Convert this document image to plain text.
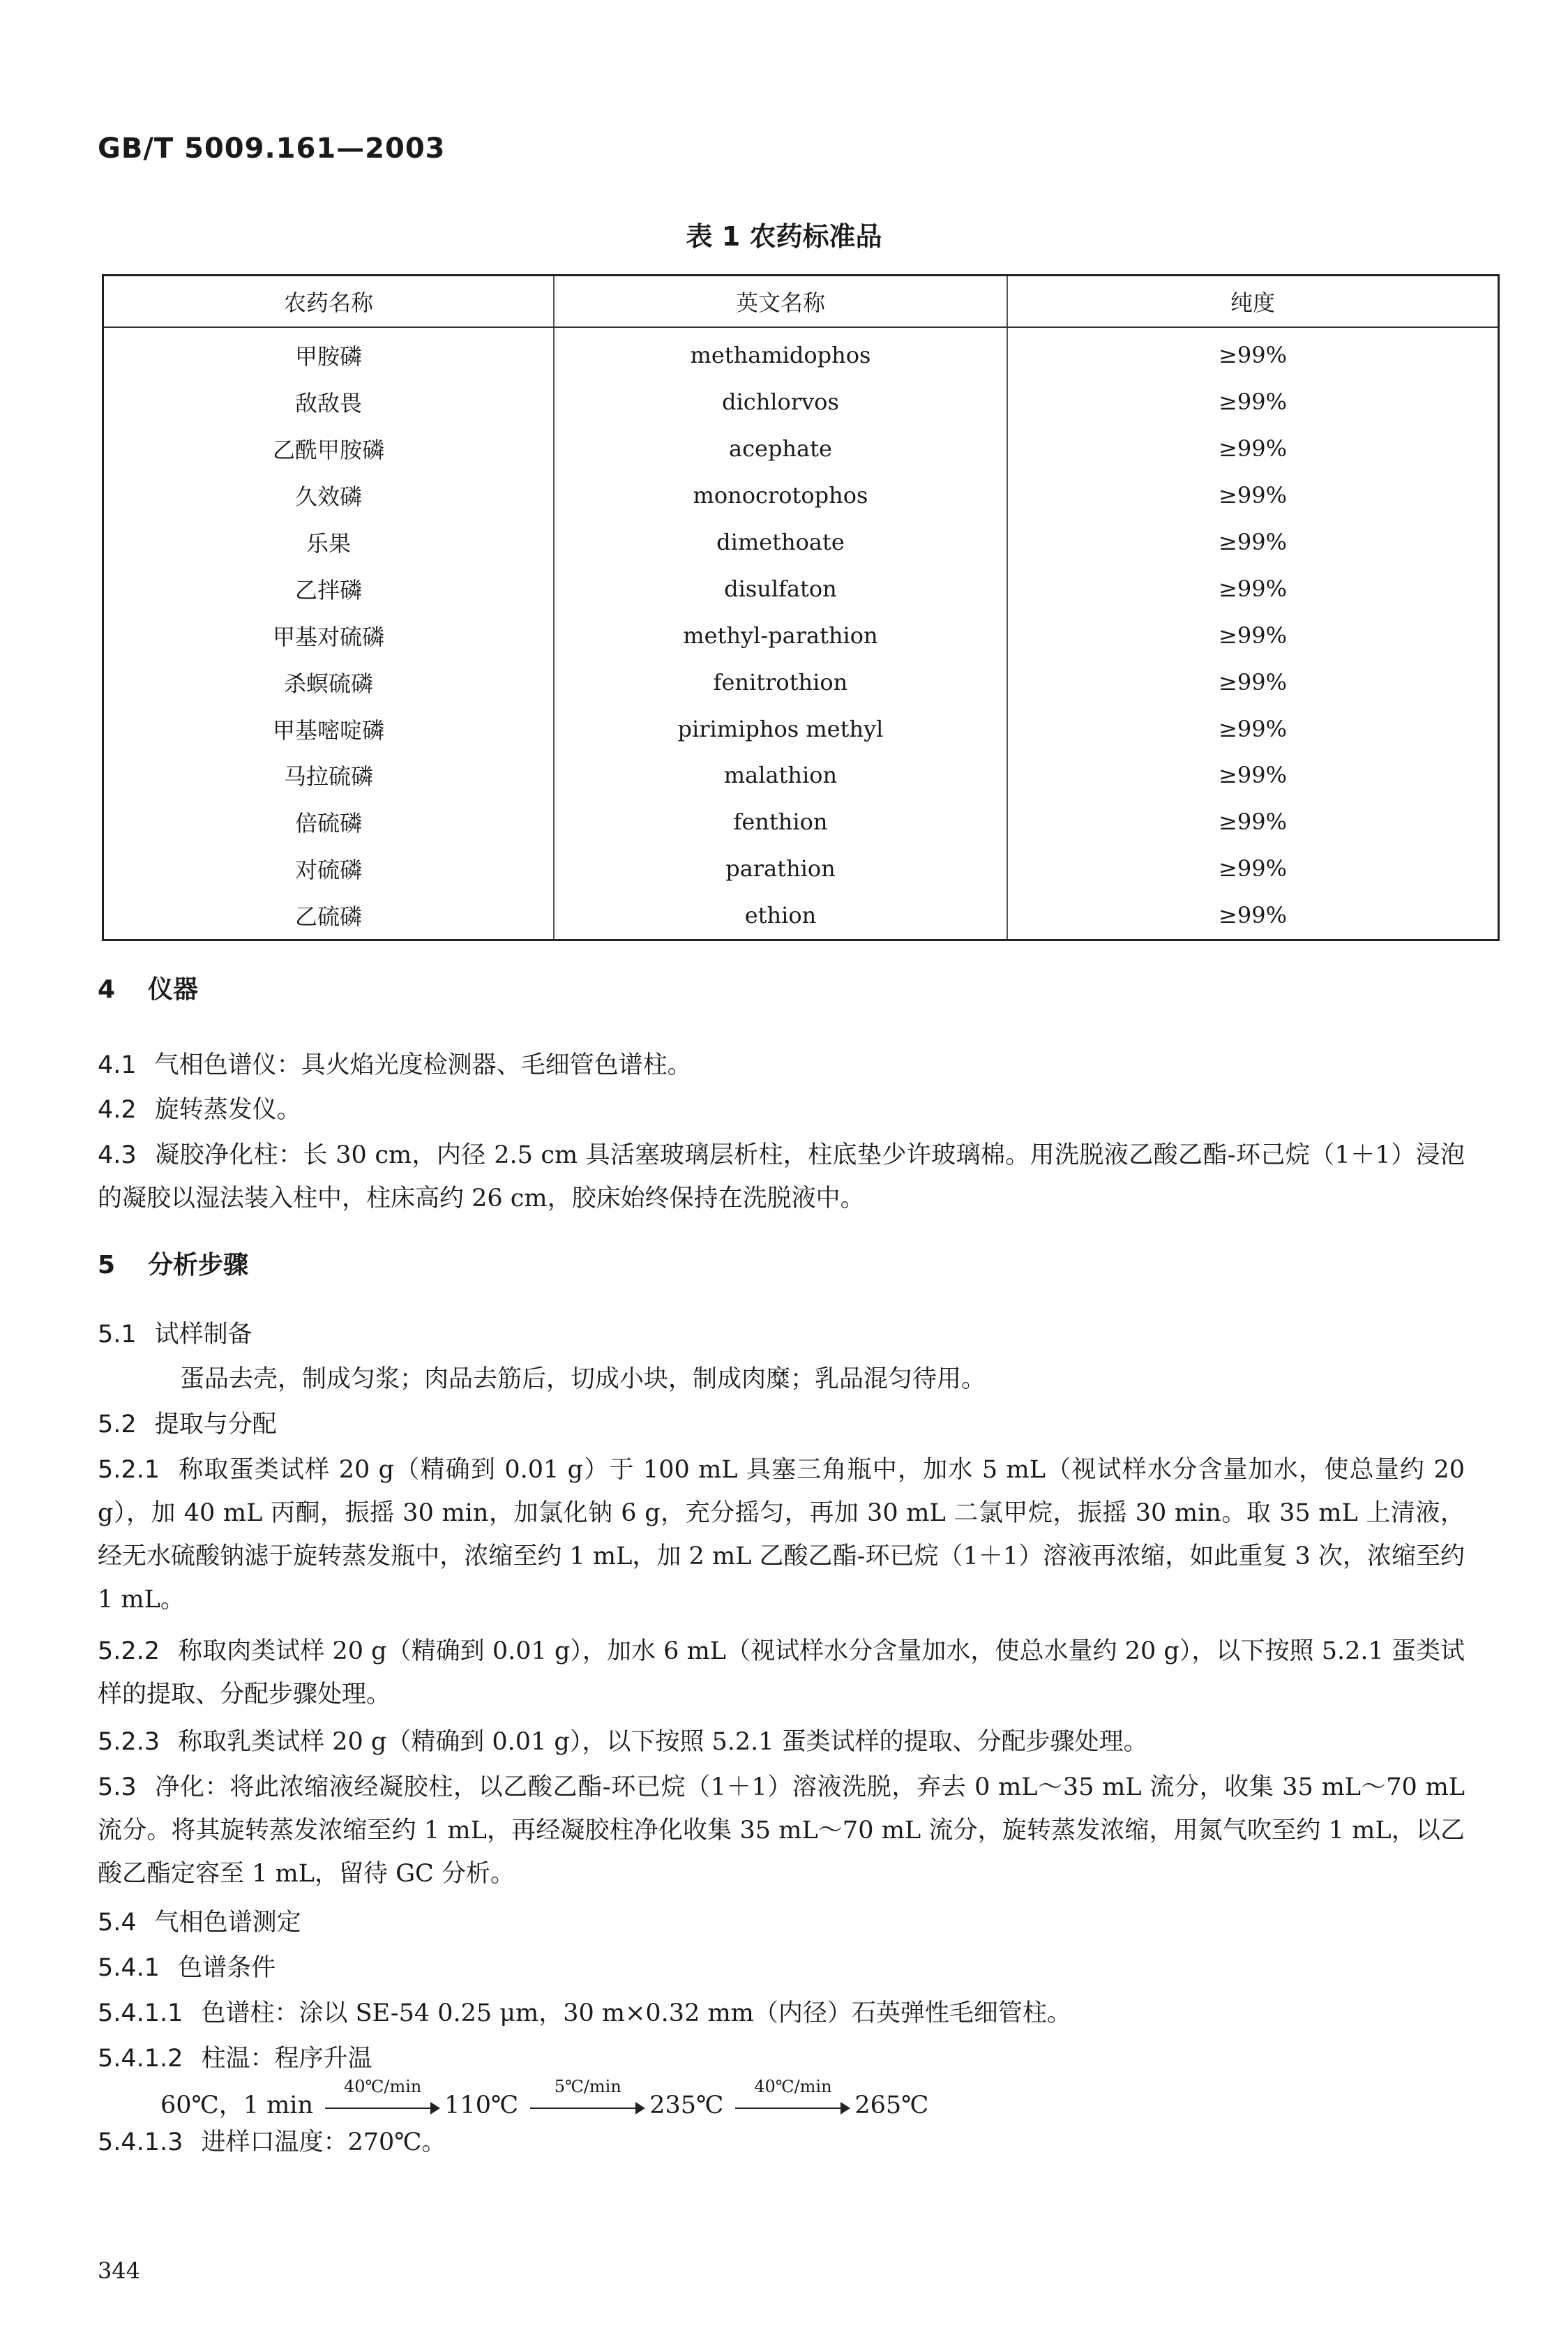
GB/T 5009.161—2003
表 1 农药标准品
农药名称	英文名称	纯度
甲胺磷	methamidophos	≥99%
敌敌畏	dichlorvos	≥99%
乙酰甲胺磷	acephate	≥99%
久效磷	monocrotophos	≥99%
乐果	dimethoate	≥99%
乙拌磷	disulfaton	≥99%
甲基对硫磷	methyl-parathion	≥99%
杀螟硫磷	fenitrothion	≥99%
甲基嘧啶磷	pirimiphos methyl	≥99%
马拉硫磷	malathion	≥99%
倍硫磷	fenthion	≥99%
对硫磷	parathion	≥99%
乙硫磷	ethion	≥99%
4 仪器
4.1 气相色谱仪：具火焰光度检测器、毛细管色谱柱。
4.2 旋转蒸发仪。
4.3 凝胶净化柱：长 30 cm，内径 2.5 cm 具活塞玻璃层析柱，柱底垫少许玻璃棉。用洗脱液乙酸乙酯-环己烷（1＋1）浸泡的凝胶以湿法装入柱中，柱床高约 26 cm，胶床始终保持在洗脱液中。
5 分析步骤
5.1 试样制备
蛋品去壳，制成匀浆；肉品去筋后，切成小块，制成肉糜；乳品混匀待用。
5.2 提取与分配
5.2.1 称取蛋类试样 20 g（精确到 0.01 g）于 100 mL 具塞三角瓶中，加水 5 mL（视试样水分含量加水，使总量约 20 g），加 40 mL 丙酮，振摇 30 min，加氯化钠 6 g，充分摇匀，再加 30 mL 二氯甲烷，振摇 30 min。取 35 mL 上清液，经无水硫酸钠滤于旋转蒸发瓶中，浓缩至约 1 mL，加 2 mL 乙酸乙酯-环已烷（1＋1）溶液再浓缩，如此重复 3 次，浓缩至约 1 mL。
5.2.2 称取肉类试样 20 g（精确到 0.01 g），加水 6 mL（视试样水分含量加水，使总水量约 20 g），以下按照 5.2.1 蛋类试样的提取、分配步骤处理。
5.2.3 称取乳类试样 20 g（精确到 0.01 g），以下按照 5.2.1 蛋类试样的提取、分配步骤处理。
5.3 净化：将此浓缩液经凝胶柱，以乙酸乙酯-环已烷（1＋1）溶液洗脱，弃去 0 mL～35 mL 流分，收集 35 mL～70 mL 流分。将其旋转蒸发浓缩至约 1 mL，再经凝胶柱净化收集 35 mL～70 mL 流分，旋转蒸发浓缩，用氮气吹至约 1 mL，以乙酸乙酯定容至 1 mL，留待 GC 分析。
5.4 气相色谱测定
5.4.1 色谱条件
5.4.1.1 色谱柱：涂以 SE-54 0.25 μm，30 m×0.32 mm（内径）石英弹性毛细管柱。
5.4.1.2 柱温：程序升温
60℃，1 min
40℃/min
110℃
5℃/min
235℃
40℃/min
265℃
5.4.1.3 进样口温度：270℃。
344
